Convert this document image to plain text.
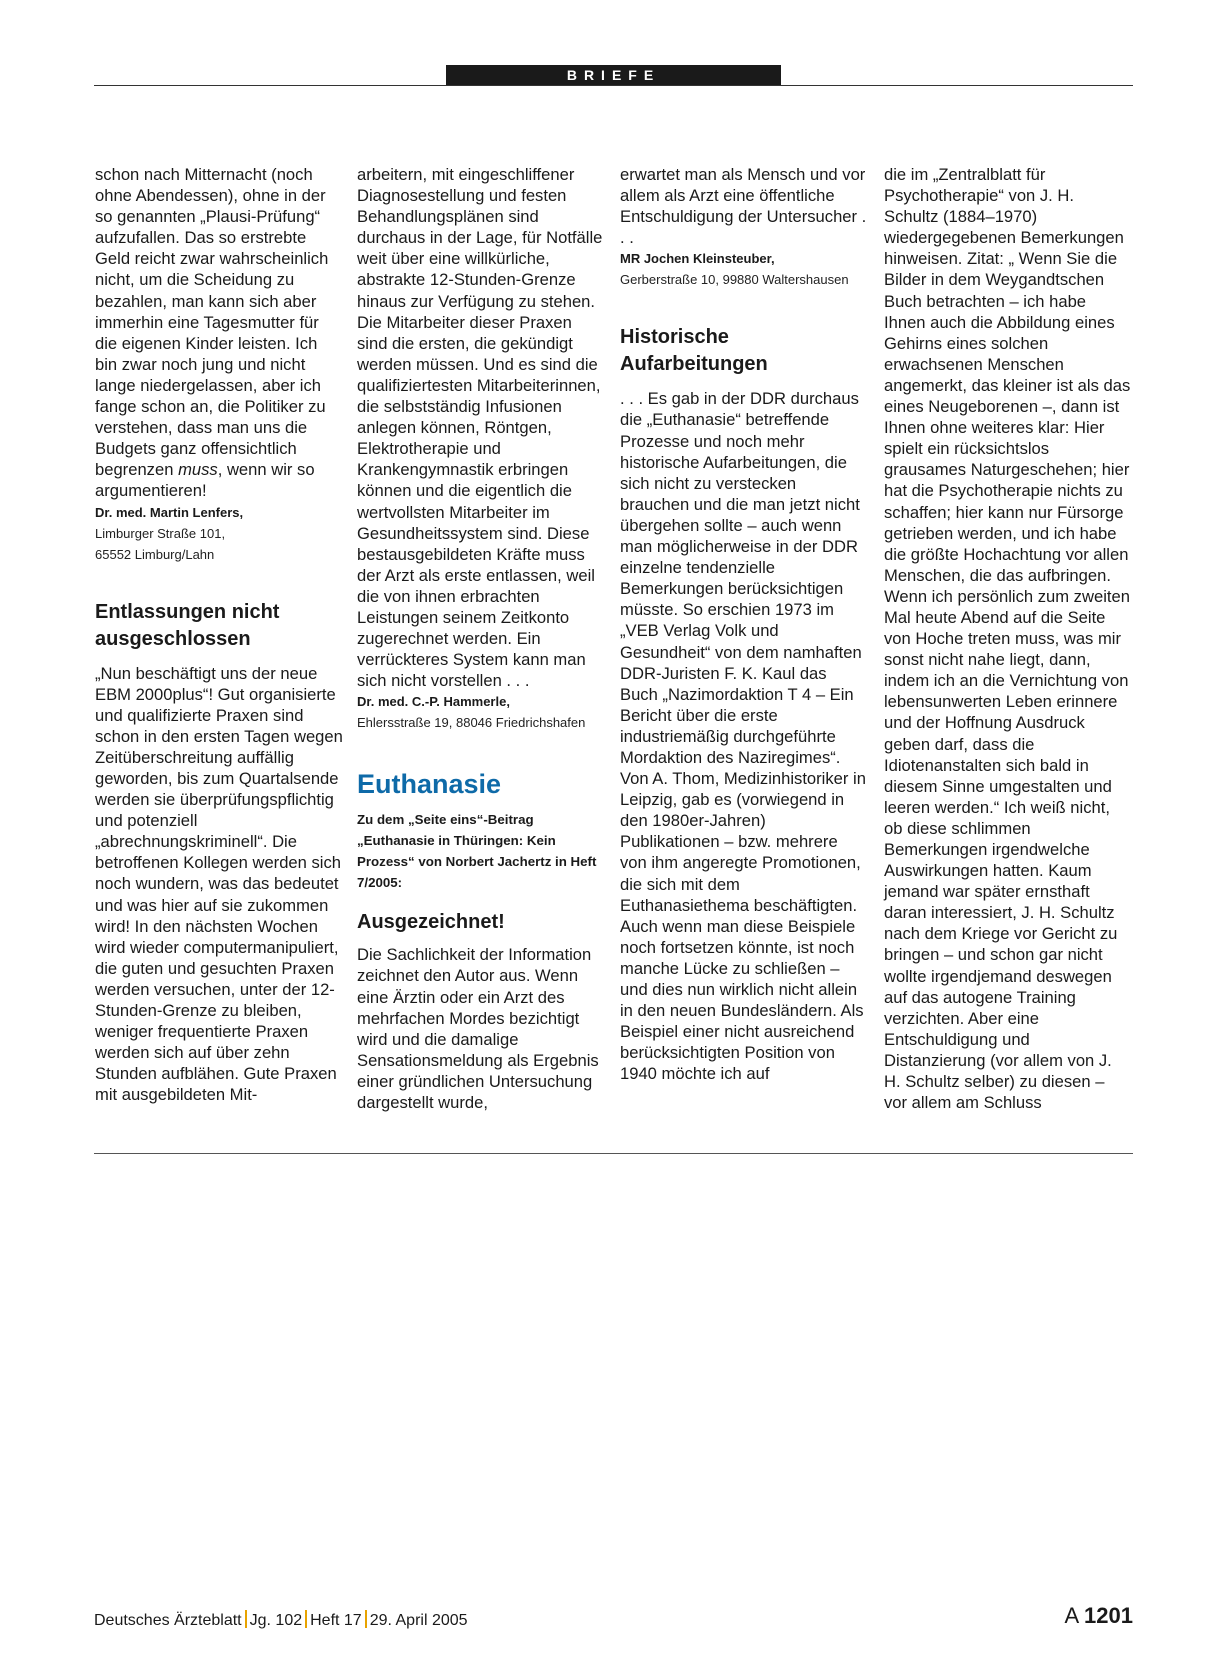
BRIEFE

schon nach Mitternacht (noch ohne Abendessen), ohne in der so genannten „Plausi-Prüfung“ aufzufallen. Das so erstrebte Geld reicht zwar wahrscheinlich nicht, um die Scheidung zu bezahlen, man kann sich aber immerhin eine Tagesmutter für die eigenen Kinder leisten. Ich bin zwar noch jung und nicht lange niedergelassen, aber ich fange schon an, die Politiker zu verstehen, dass man uns die Budgets ganz offensichtlich begrenzen muss, wenn wir so argumentieren!

Dr. med. Martin Lenfers,
Limburger Straße 101,
65552 Limburg/Lahn
Entlassungen nicht ausgeschlossen

„Nun beschäftigt uns der neue EBM 2000plus“! Gut organisierte und qualifizierte Praxen sind schon in den ersten Tagen wegen Zeitüberschreitung auffällig geworden, bis zum Quartalsende werden sie überprüfungspflichtig und potenziell „abrechnungskriminell“. Die betroffenen Kollegen werden sich noch wundern, was das bedeutet und was hier auf sie zukommen wird! In den nächsten Wochen wird wieder computermanipuliert, die guten und gesuchten Praxen werden versuchen, unter der 12-Stunden-Grenze zu bleiben, weniger frequentierte Praxen werden sich auf über zehn Stunden aufblähen. Gute Praxen mit ausgebildeten Mit-

arbeitern, mit eingeschliffener Diagnosestellung und festen Behandlungsplänen sind durchaus in der Lage, für Notfälle weit über eine willkürliche, abstrakte 12-Stunden-Grenze hinaus zur Verfügung zu stehen. Die Mitarbeiter dieser Praxen sind die ersten, die gekündigt werden müssen. Und es sind die qualifiziertesten Mitarbeiterinnen, die selbstständig Infusionen anlegen können, Röntgen, Elektrotherapie und Krankengymnastik erbringen können und die eigentlich die wertvollsten Mitarbeiter im Gesundheitssystem sind. Diese bestausgebildeten Kräfte muss der Arzt als erste entlassen, weil die von ihnen erbrachten Leistungen seinem Zeitkonto zugerechnet werden. Ein verrückteres System kann man sich nicht vorstellen . . .

Dr. med. C.-P. Hammerle,
Ehlersstraße 19, 88046 Friedrichshafen
Euthanasie
Zu dem „Seite eins“-Beitrag „Euthanasie in Thüringen: Kein Prozess“ von Norbert Jachertz in Heft 7/2005:
Ausgezeichnet!

Die Sachlichkeit der Information zeichnet den Autor aus. Wenn eine Ärztin oder ein Arzt des mehrfachen Mordes bezichtigt wird und die damalige Sensationsmeldung als Ergebnis einer gründlichen Untersuchung dargestellt wurde,

erwartet man als Mensch und vor allem als Arzt eine öffentliche Entschuldigung der Untersucher . . .

MR Jochen Kleinsteuber,
Gerberstraße 10, 99880 Waltershausen
Historische Aufarbeitungen

. . . Es gab in der DDR durchaus die „Euthanasie“ betreffende Prozesse und noch mehr historische Aufarbeitungen, die sich nicht zu verstecken brauchen und die man jetzt nicht übergehen sollte – auch wenn man möglicherweise in der DDR einzelne tendenzielle Bemerkungen berücksichtigen müsste. So erschien 1973 im „VEB Verlag Volk und Gesundheit“ von dem namhaften DDR-Juristen F. K. Kaul das Buch „Nazimordaktion T 4 – Ein Bericht über die erste industriemäßig durchgeführte Mordaktion des Naziregimes“. Von A. Thom, Medizinhistoriker in Leipzig, gab es (vorwiegend in den 1980er-Jahren) Publikationen – bzw. mehrere von ihm angeregte Promotionen, die sich mit dem Euthanasiethema beschäftigten. Auch wenn man diese Beispiele noch fortsetzen könnte, ist noch manche Lücke zu schließen – und dies nun wirklich nicht allein in den neuen Bundesländern. Als Beispiel einer nicht ausreichend berücksichtigten Position von 1940 möchte ich auf

die im „Zentralblatt für Psychotherapie“ von J. H. Schultz (1884–1970) wiedergegebenen Bemerkungen hinweisen. Zitat: „ Wenn Sie die Bilder in dem Weygandtschen Buch betrachten – ich habe Ihnen auch die Abbildung eines Gehirns eines solchen erwachsenen Menschen angemerkt, das kleiner ist als das eines Neugeborenen –, dann ist Ihnen ohne weiteres klar: Hier spielt ein rücksichtslos grausames Naturgeschehen; hier hat die Psychotherapie nichts zu schaffen; hier kann nur Fürsorge getrieben werden, und ich habe die größte Hochachtung vor allen Menschen, die das aufbringen. Wenn ich persönlich zum zweiten Mal heute Abend auf die Seite von Hoche treten muss, was mir sonst nicht nahe liegt, dann, indem ich an die Vernichtung von lebensunwerten Leben erinnere und der Hoffnung Ausdruck geben darf, dass die Idiotenanstalten sich bald in diesem Sinne umgestalten und leeren werden.“ Ich weiß nicht, ob diese schlimmen Bemerkungen irgendwelche Auswirkungen hatten. Kaum jemand war später ernsthaft daran interessiert, J. H. Schultz nach dem Kriege vor Gericht zu bringen – und schon gar nicht wollte irgendjemand deswegen auf das autogene Training verzichten. Aber eine Entschuldigung und Distanzierung (vor allem von J. H. Schultz selber) zu diesen – vor allem am Schluss

Deutsches Ärzteblatt Jg. 102 Heft 17 29. April 2005	A 1201
